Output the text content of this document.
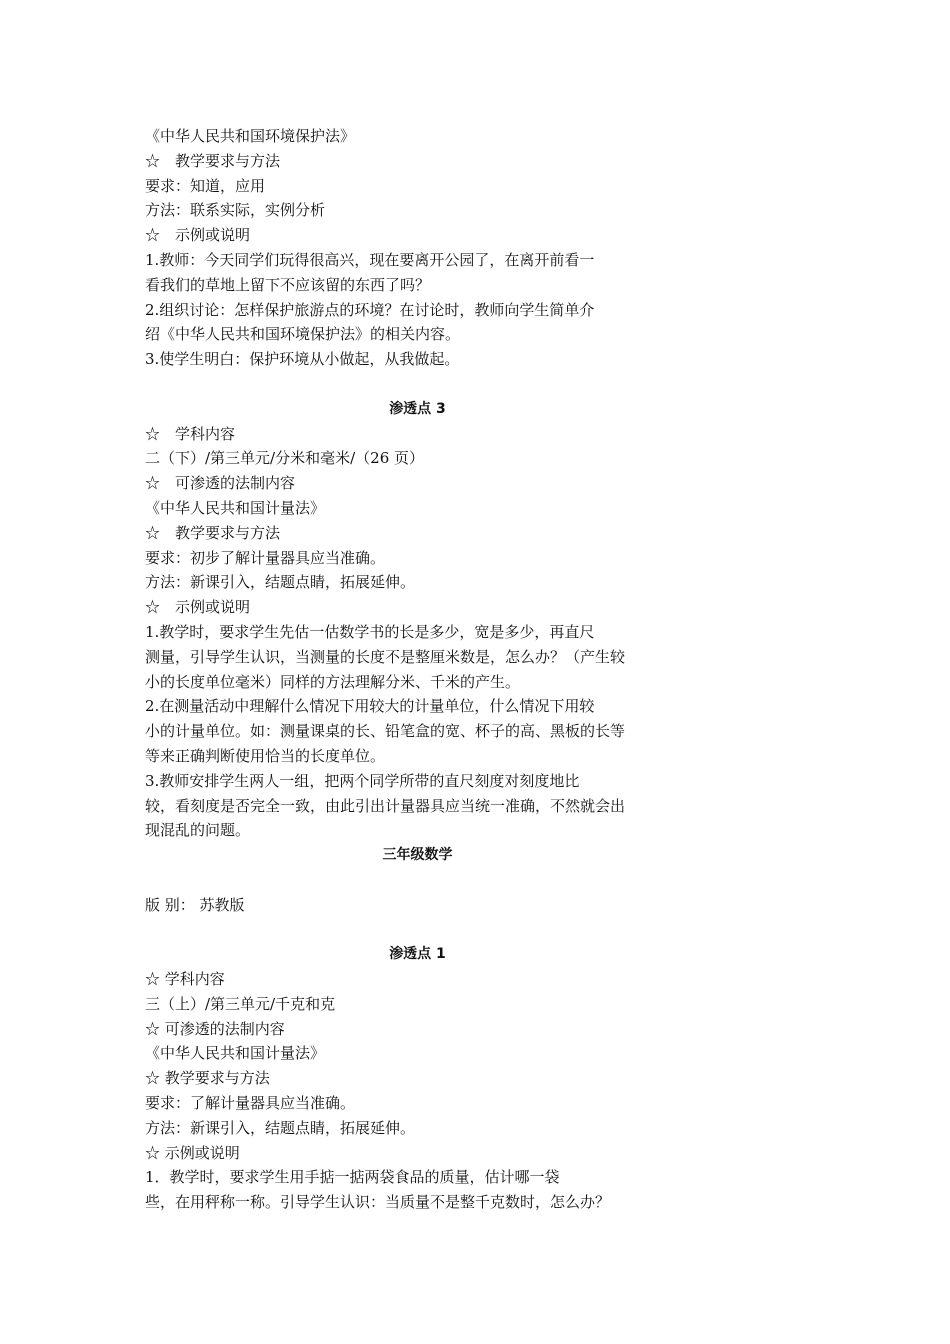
《中华人民共和国环境保护法》
☆　教学要求与方法
要求：知道，应用
方法：联系实际，实例分析
☆　示例或说明
1.教师：今天同学们玩得很高兴，现在要离开公园了，在离开前看一
看我们的草地上留下不应该留的东西了吗？
2.组织讨论：怎样保护旅游点的环境？在讨论时，教师向学生简单介
绍《中华人民共和国环境保护法》的相关内容。
3.使学生明白：保护环境从小做起，从我做起。
渗透点 3
☆　学科内容
二（下）/第三单元/分米和毫米/（26 页）
☆　可渗透的法制内容
《中华人民共和国计量法》
☆　教学要求与方法
要求：初步了解计量器具应当准确。
方法：新课引入，结题点睛，拓展延伸。
☆　示例或说明
1.教学时，要求学生先估一估数学书的长是多少，宽是多少，再直尺
测量，引导学生认识，当测量的长度不是整厘米数是，怎么办？（产生较
小的长度单位毫米）同样的方法理解分米、千米的产生。
2.在测量活动中理解什么情况下用较大的计量单位，什么情况下用较
小的计量单位。如：测量课桌的长、铅笔盒的宽、杯子的高、黑板的长等
等来正确判断使用恰当的长度单位。
3.教师安排学生两人一组，把两个同学所带的直尺刻度对刻度地比
较，看刻度是否完全一致，由此引出计量器具应当统一准确，不然就会出
现混乱的问题。
三年级数学
版 别： 苏教版
渗透点 1
☆ 学科内容
三（上）/第三单元/千克和克
☆ 可渗透的法制内容
《中华人民共和国计量法》
☆ 教学要求与方法
要求：了解计量器具应当准确。
方法：新课引入，结题点睛，拓展延伸。
☆ 示例或说明
1．教学时，要求学生用手掂一掂两袋食品的质量，估计哪一袋
些，在用秤称一称。引导学生认识：当质量不是整千克数时，怎么办？
